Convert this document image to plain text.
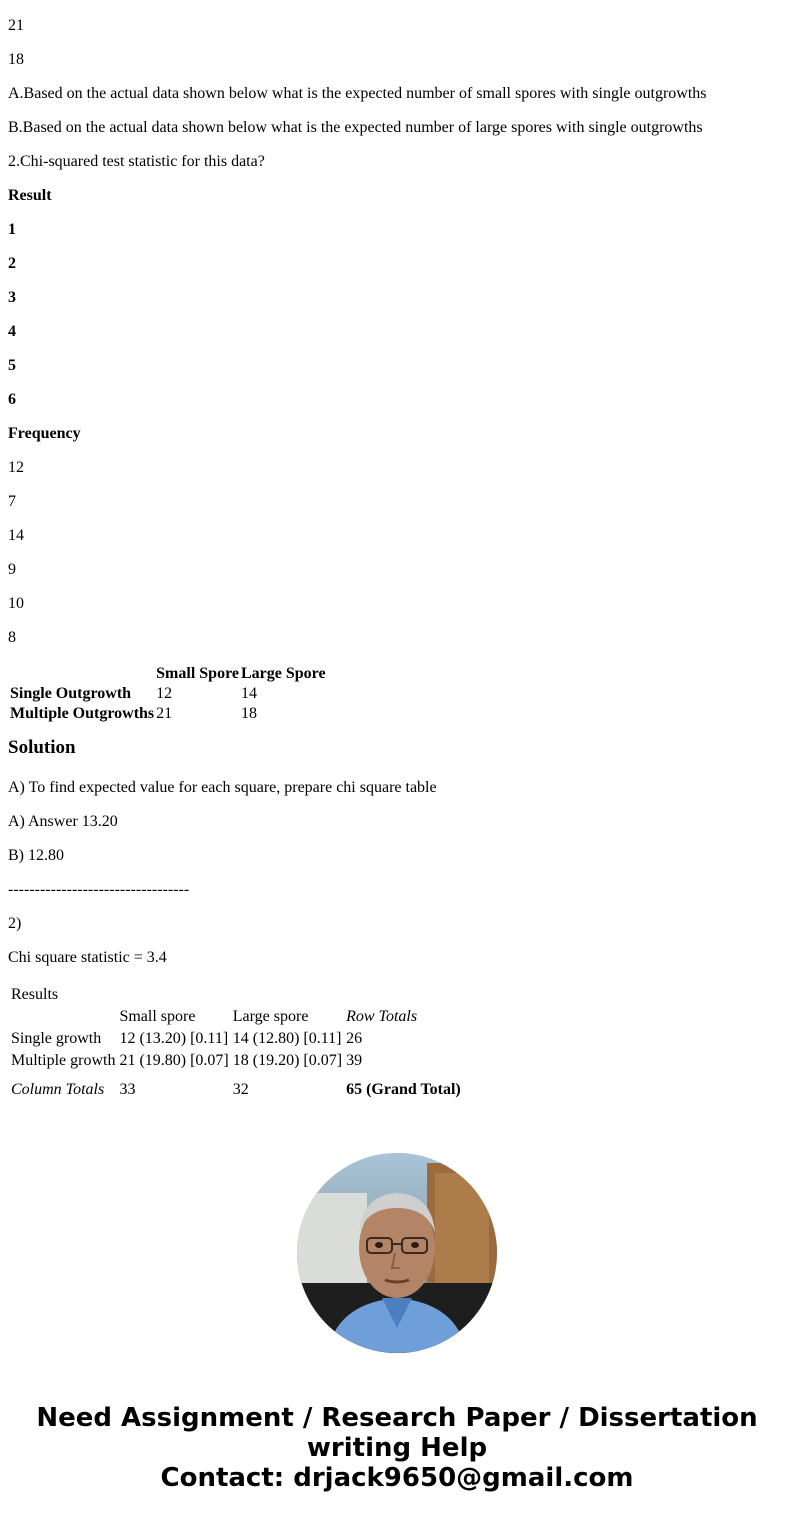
21

18

A.Based on the actual data shown below what is the expected number of small spores with single outgrowths

B.Based on the actual data shown below what is the expected number of large spores with single outgrowths

2.Chi-squared test statistic for this data?

Result

1

2

3

4

5

6

Frequency

12

7

14

9

10

8

	Small Spore	Large Spore
Single Outgrowth	12	14
Multiple Outgrowths	21	18
Solution

A) To find expected value for each square, prepare chi square table

A) Answer 13.20

B) 12.80

----------------------------------

2)

Chi square statistic = 3.4

Results			
	Small spore	Large spore	Row Totals
Single growth	12 (13.20) [0.11]	14 (12.80) [0.11]	26
Multiple growth	21 (19.80) [0.07]	18 (19.20) [0.07]	39
Column Totals	33	32	65 (Grand Total)
Need Assignment / Research Paper / Dissertation
writing Help
Contact: drjack9650@gmail.com
